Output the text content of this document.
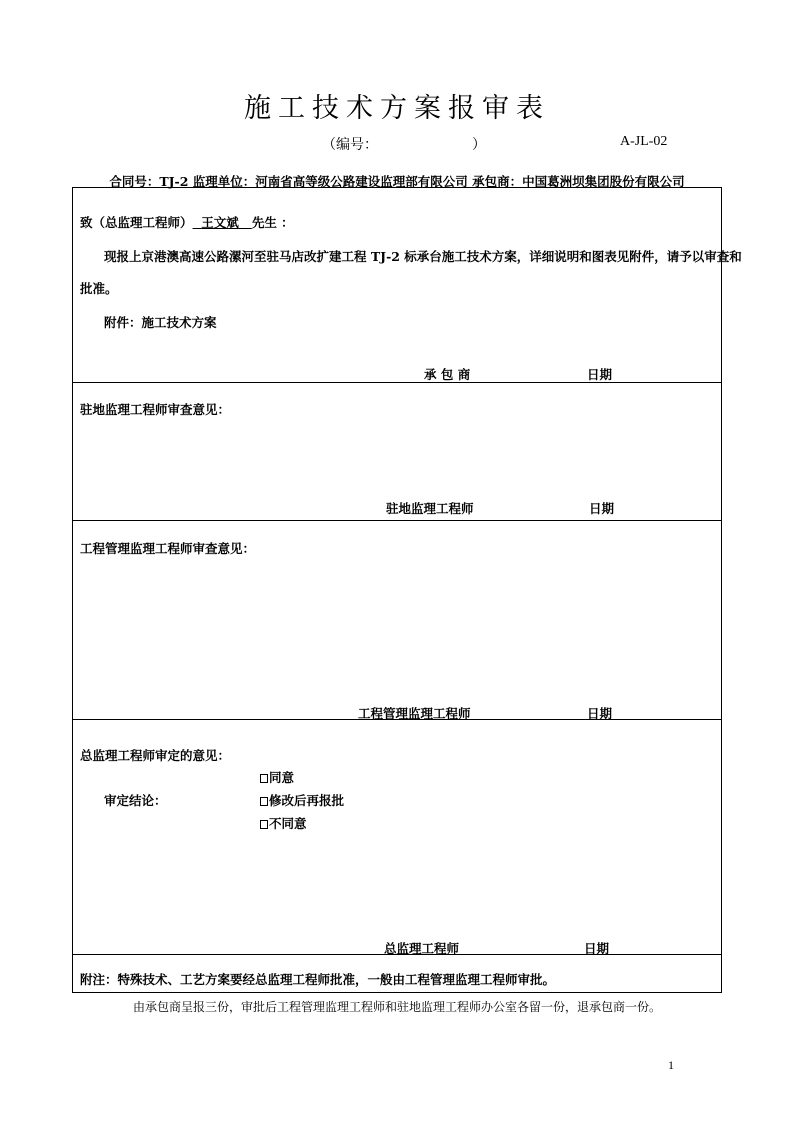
施工技术方案报审表
（编号：	）	A-JL-02
合同号：TJ-2 监理单位：河南省高等级公路建设监理部有限公司 承包商：中国葛洲坝集团股份有限公司
致（总监理工程师） 王文斌 先生 ：
现报上京港澳高速公路漯河至驻马店改扩建工程 TJ-2 标承台施工技术方案，详细说明和图表见附件，请予以审查和
批准。
附件：施工技术方案
承 包 商	日期
驻地监理工程师审查意见：
驻地监理工程师	日期
工程管理监理工程师审查意见：
工程管理监理工程师	日期
总监理工程师审定的意见：
同意
审定结论：	修改后再报批
不同意
总监理工程师	日期
附注：特殊技术、工艺方案要经总监理工程师批准，一般由工程管理监理工程师审批。
由承包商呈报三份，审批后工程管理监理工程师和驻地监理工程师办公室各留一份，退承包商一份。
1
